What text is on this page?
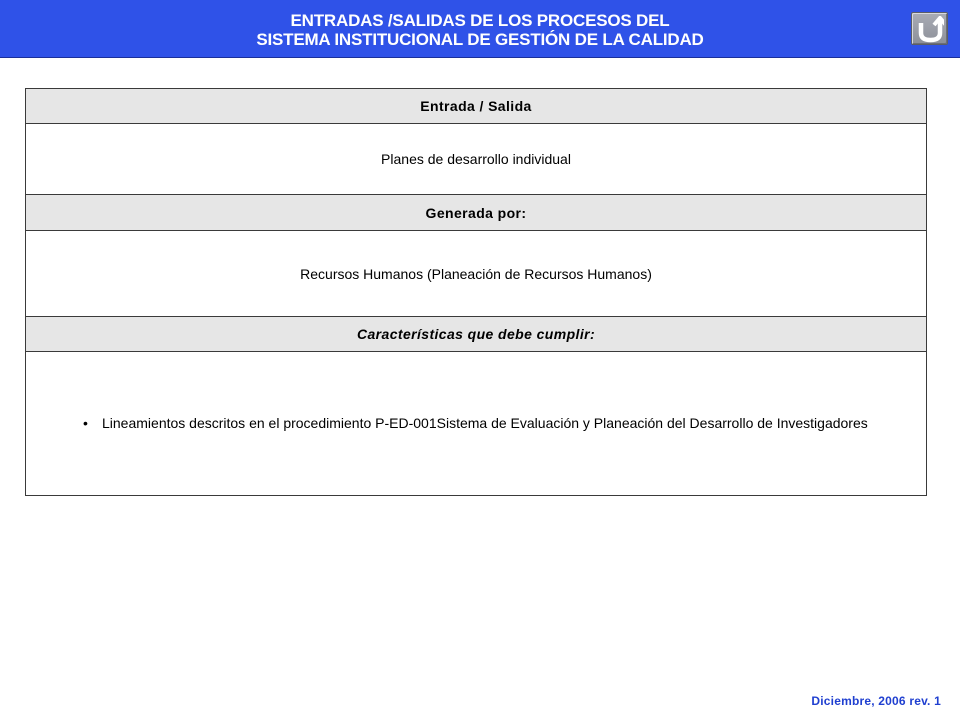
ENTRADAS /SALIDAS DE LOS PROCESOS DEL
SISTEMA INSTITUCIONAL DE GESTIÓN DE LA CALIDAD
Entrada / Salida
Planes de desarrollo individual
Generada por:
Recursos Humanos (Planeación de Recursos Humanos)
Características que debe cumplir:
• Lineamientos descritos en el procedimiento P-ED-001Sistema de Evaluación y Planeación del Desarrollo de Investigadores
Diciembre, 2006 rev. 1
